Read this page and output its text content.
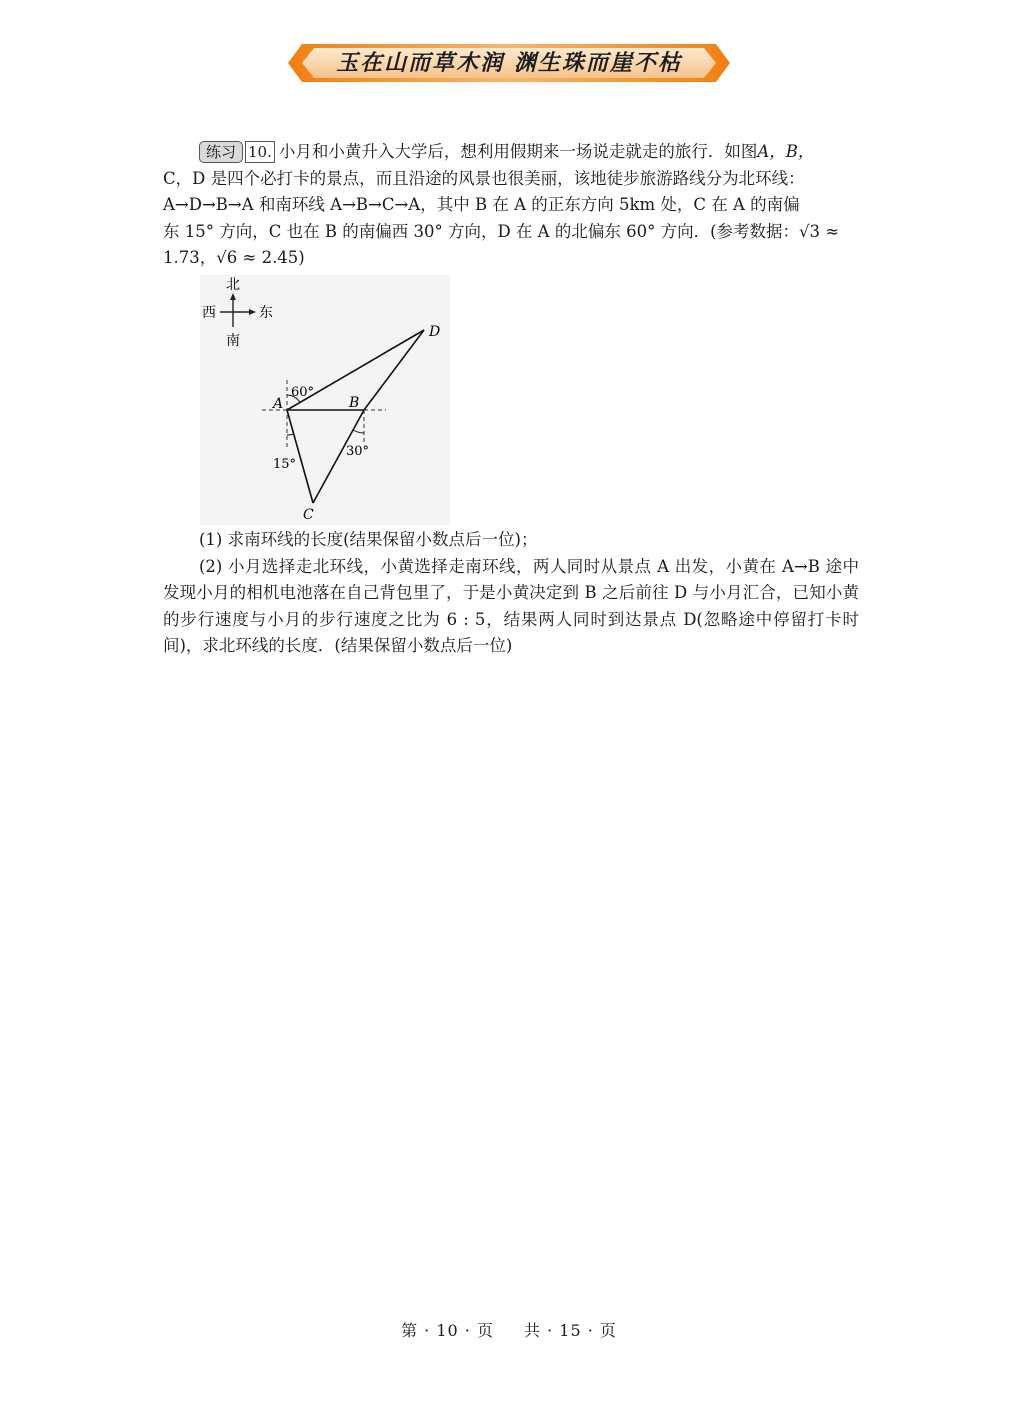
玉在山而草木润 渊生珠而崖不枯

练习 10. 小月和小黄升入大学后，想利用假期来一场说走就走的旅行．如图A，B，

C，D 是四个必打卡的景点，而且沿途的风景也很美丽，该地徒步旅游路线分为北环线：

A→D→B→A 和南环线 A→B→C→A，其中 B 在 A 的正东方向 5km 处，C 在 A 的南偏

东 15° 方向，C 也在 B 的南偏西 30° 方向，D 在 A 的北偏东 60° 方向．(参考数据：√3 ≈

1.73，√6 ≈ 2.45)

北
南
东
西
60°
15°
30°
A	B
C
D

(1) 求南环线的长度(结果保留小数点后一位)；

(2) 小月选择走北环线，小黄选择走南环线，两人同时从景点 A 出发，小黄在 A→B 途中发现小月的相机电池落在自己背包里了，于是小黄决定到 B 之后前往 D 与小月汇合，已知小黄的步行速度与小月的步行速度之比为 6 : 5，结果两人同时到达景点 D(忽略途中停留打卡时间)，求北环线的长度．(结果保留小数点后一位)

第 · 10 · 页 共 · 15 · 页
